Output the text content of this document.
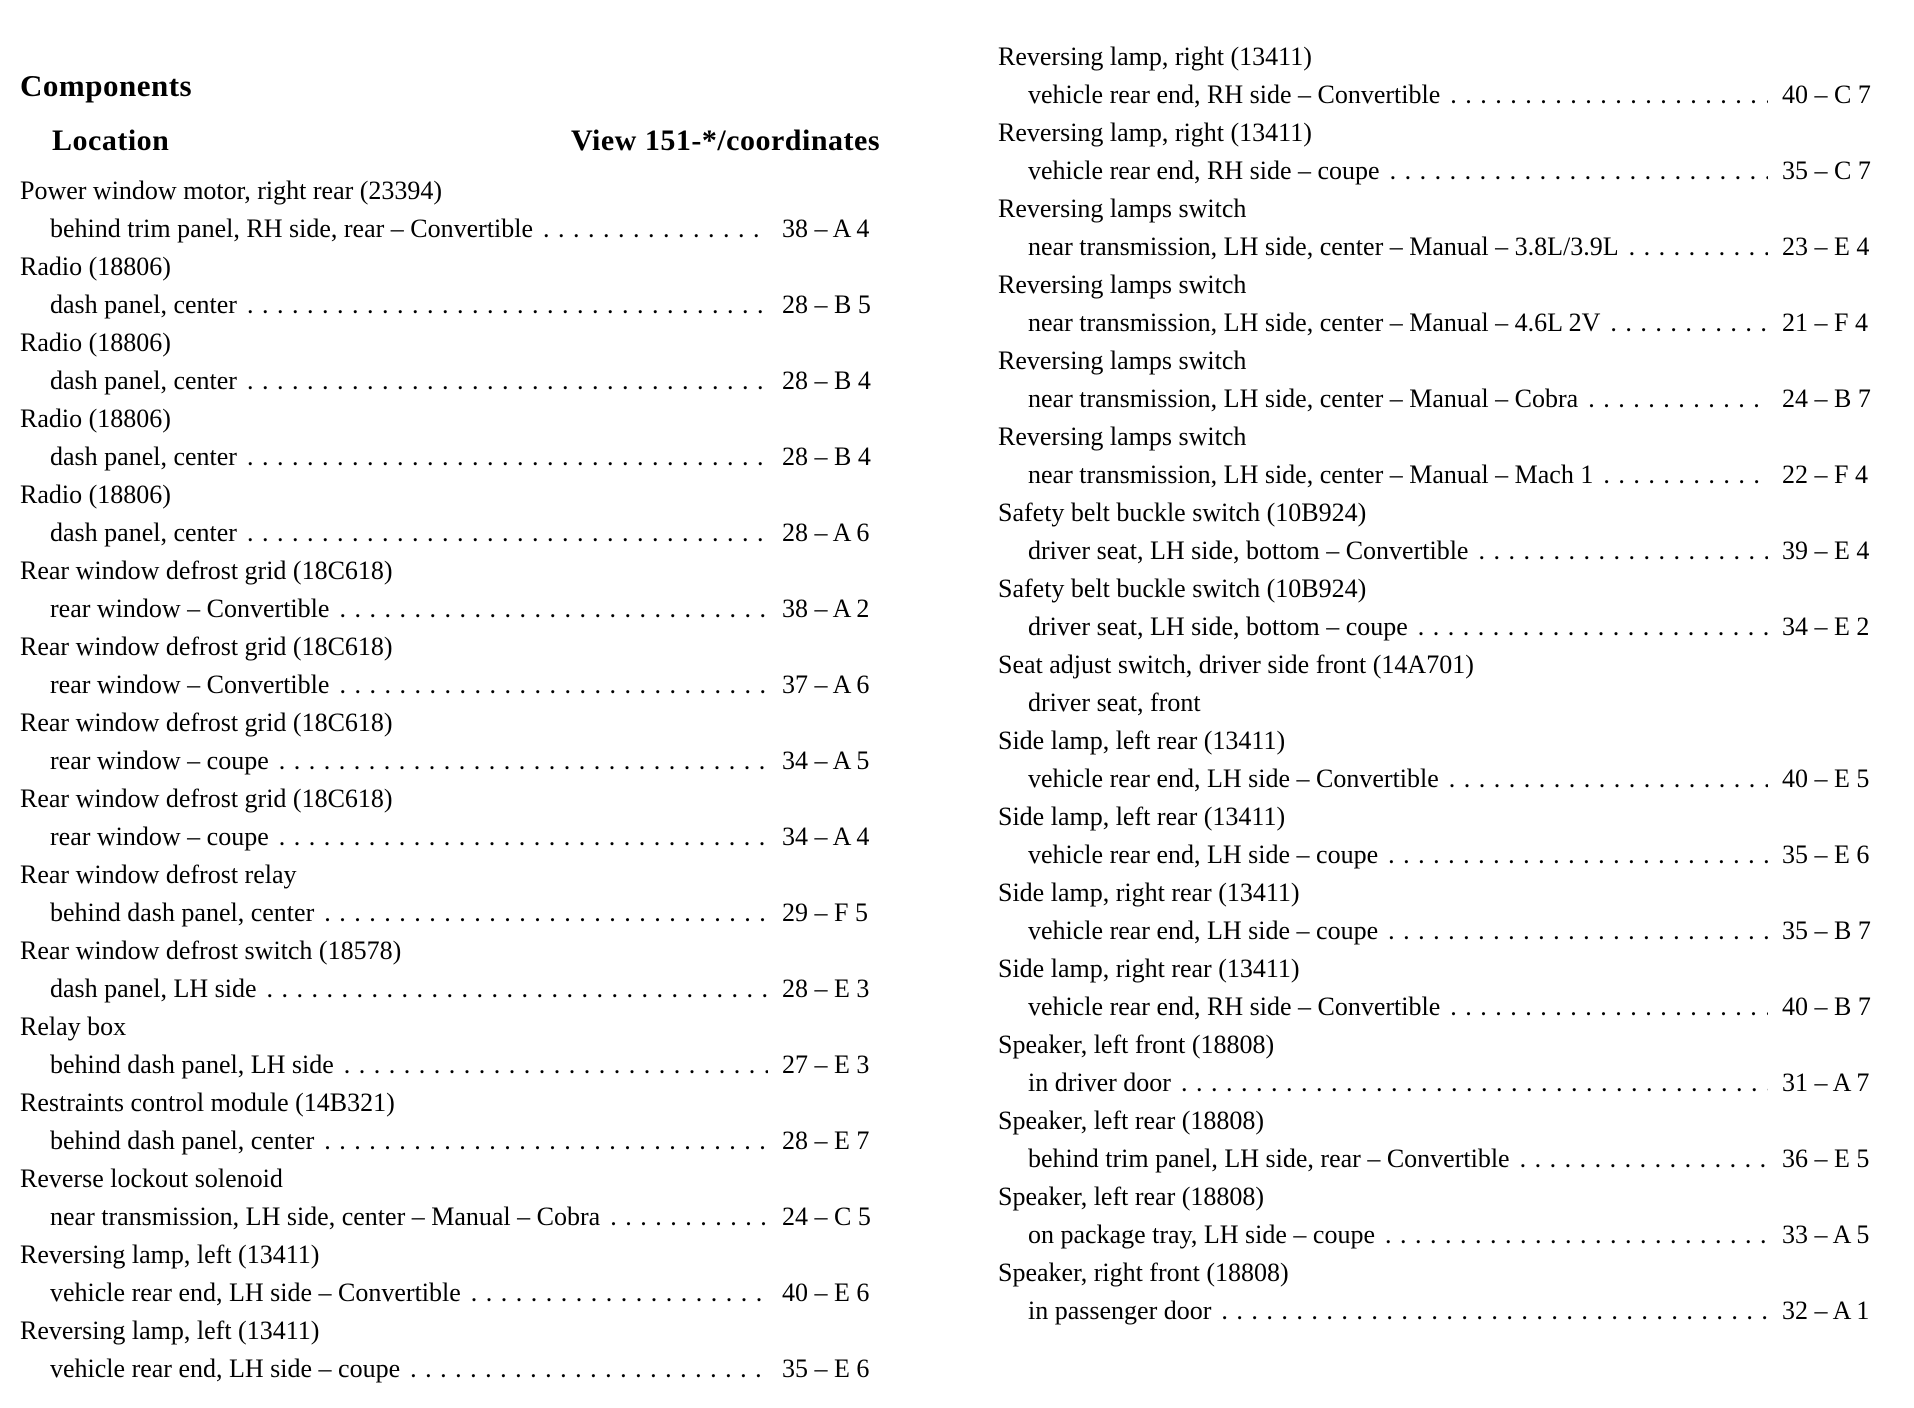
Components
Location	View 151-*/coordinates
Power window motor, right rear (23394)
behind trim panel, RH side, rear – Convertible .....	38 – A 4
Radio (18806)
dash panel, center .....	28 – B 5
Radio (18806)
dash panel, center .....	28 – B 4
Radio (18806)
dash panel, center .....	28 – B 4
Radio (18806)
dash panel, center .....	28 – A 6
Rear window defrost grid (18C618)
rear window – Convertible .....	38 – A 2
Rear window defrost grid (18C618)
rear window – Convertible .....	37 – A 6
Rear window defrost grid (18C618)
rear window – coupe .....	34 – A 5
Rear window defrost grid (18C618)
rear window – coupe .....	34 – A 4
Rear window defrost relay
behind dash panel, center .....	29 – F 5
Rear window defrost switch (18578)
dash panel, LH side .....	28 – E 3
Relay box
behind dash panel, LH side .....	27 – E 3
Restraints control module (14B321)
behind dash panel, center .....	28 – E 7
Reverse lockout solenoid
near transmission, LH side, center – Manual – Cobra .....	24 – C 5
Reversing lamp, left (13411)
vehicle rear end, LH side – Convertible .....	40 – E 6
Reversing lamp, left (13411)
vehicle rear end, LH side – coupe .....	35 – E 6
Reversing lamp, right (13411)
vehicle rear end, RH side – Convertible .....	40 – C 7
Reversing lamp, right (13411)
vehicle rear end, RH side – coupe .....	35 – C 7
Reversing lamps switch
near transmission, LH side, center – Manual – 3.8L/3.9L .....	23 – E 4
Reversing lamps switch
near transmission, LH side, center – Manual – 4.6L 2V .....	21 – F 4
Reversing lamps switch
near transmission, LH side, center – Manual – Cobra .....	24 – B 7
Reversing lamps switch
near transmission, LH side, center – Manual – Mach 1 .....	22 – F 4
Safety belt buckle switch (10B924)
driver seat, LH side, bottom – Convertible .....	39 – E 4
Safety belt buckle switch (10B924)
driver seat, LH side, bottom – coupe .....	34 – E 2
Seat adjust switch, driver side front (14A701)
driver seat, front
Side lamp, left rear (13411)
vehicle rear end, LH side – Convertible .....	40 – E 5
Side lamp, left rear (13411)
vehicle rear end, LH side – coupe .....	35 – E 6
Side lamp, right rear (13411)
vehicle rear end, LH side – coupe .....	35 – B 7
Side lamp, right rear (13411)
vehicle rear end, RH side – Convertible .....	40 – B 7
Speaker, left front (18808)
in driver door .....	31 – A 7
Speaker, left rear (18808)
behind trim panel, LH side, rear – Convertible .....	36 – E 5
Speaker, left rear (18808)
on package tray, LH side – coupe .....	33 – A 5
Speaker, right front (18808)
in passenger door .....	32 – A 1
